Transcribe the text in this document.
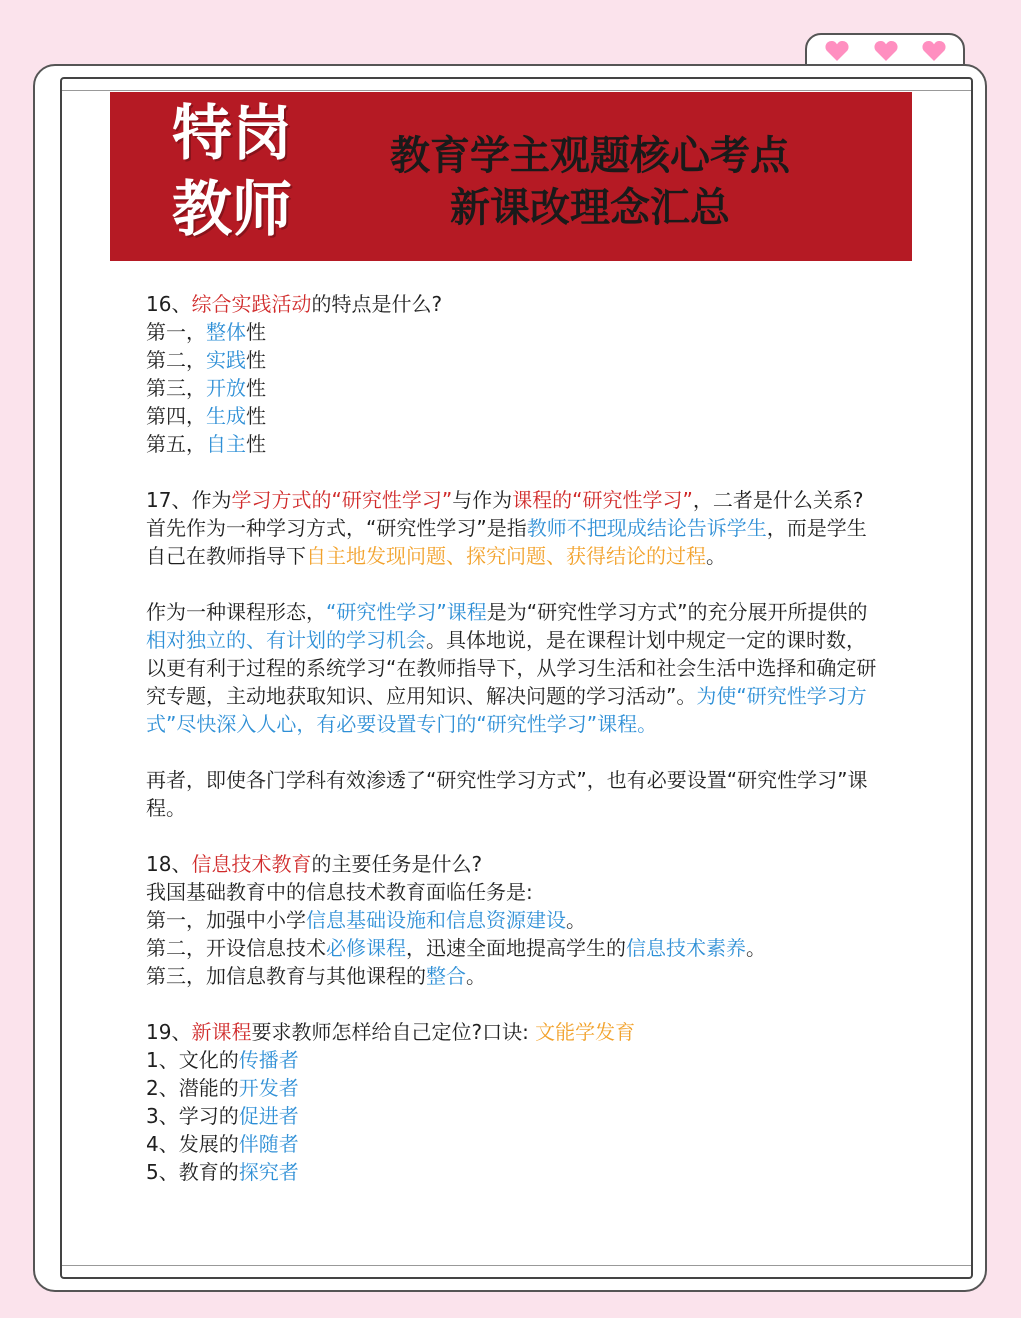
特岗
教师
教育学主观题核心考点
新课改理念汇总

16、综合实践活动的特点是什么?

第一，整体性

第二，实践性

第三，开放性

第四，生成性

第五，自主性

17、作为学习方式的“研究性学习”与作为课程的“研究性学习”，二者是什么关系?

首先作为一种学习方式，“研究性学习”是指教师不把现成结论告诉学生，而是学生自己在教师指导下自主地发现问题、探究问题、获得结论的过程。

作为一种课程形态，“研究性学习”课程是为“研究性学习方式”的充分展开所提供的相对独立的、有计划的学习机会。具体地说，是在课程计划中规定一定的课时数，以更有利于过程的系统学习“在教师指导下，从学习生活和社会生活中选择和确定研究专题，主动地获取知识、应用知识、解决问题的学习活动”。为使“研究性学习方式”尽快深入人心，有必要设置专门的“研究性学习”课程。

再者，即使各门学科有效渗透了“研究性学习方式”，也有必要设置“研究性学习”课程。

18、信息技术教育的主要任务是什么?

我国基础教育中的信息技术教育面临任务是:

第一，加强中小学信息基础设施和信息资源建设。

第二，开设信息技术必修课程，迅速全面地提高学生的信息技术素养。

第三，加信息教育与其他课程的整合。

19、新课程要求教师怎样给自己定位?口诀: 文能学发育

1、文化的传播者

2、潜能的开发者

3、学习的促进者

4、发展的伴随者

5、教育的探究者
